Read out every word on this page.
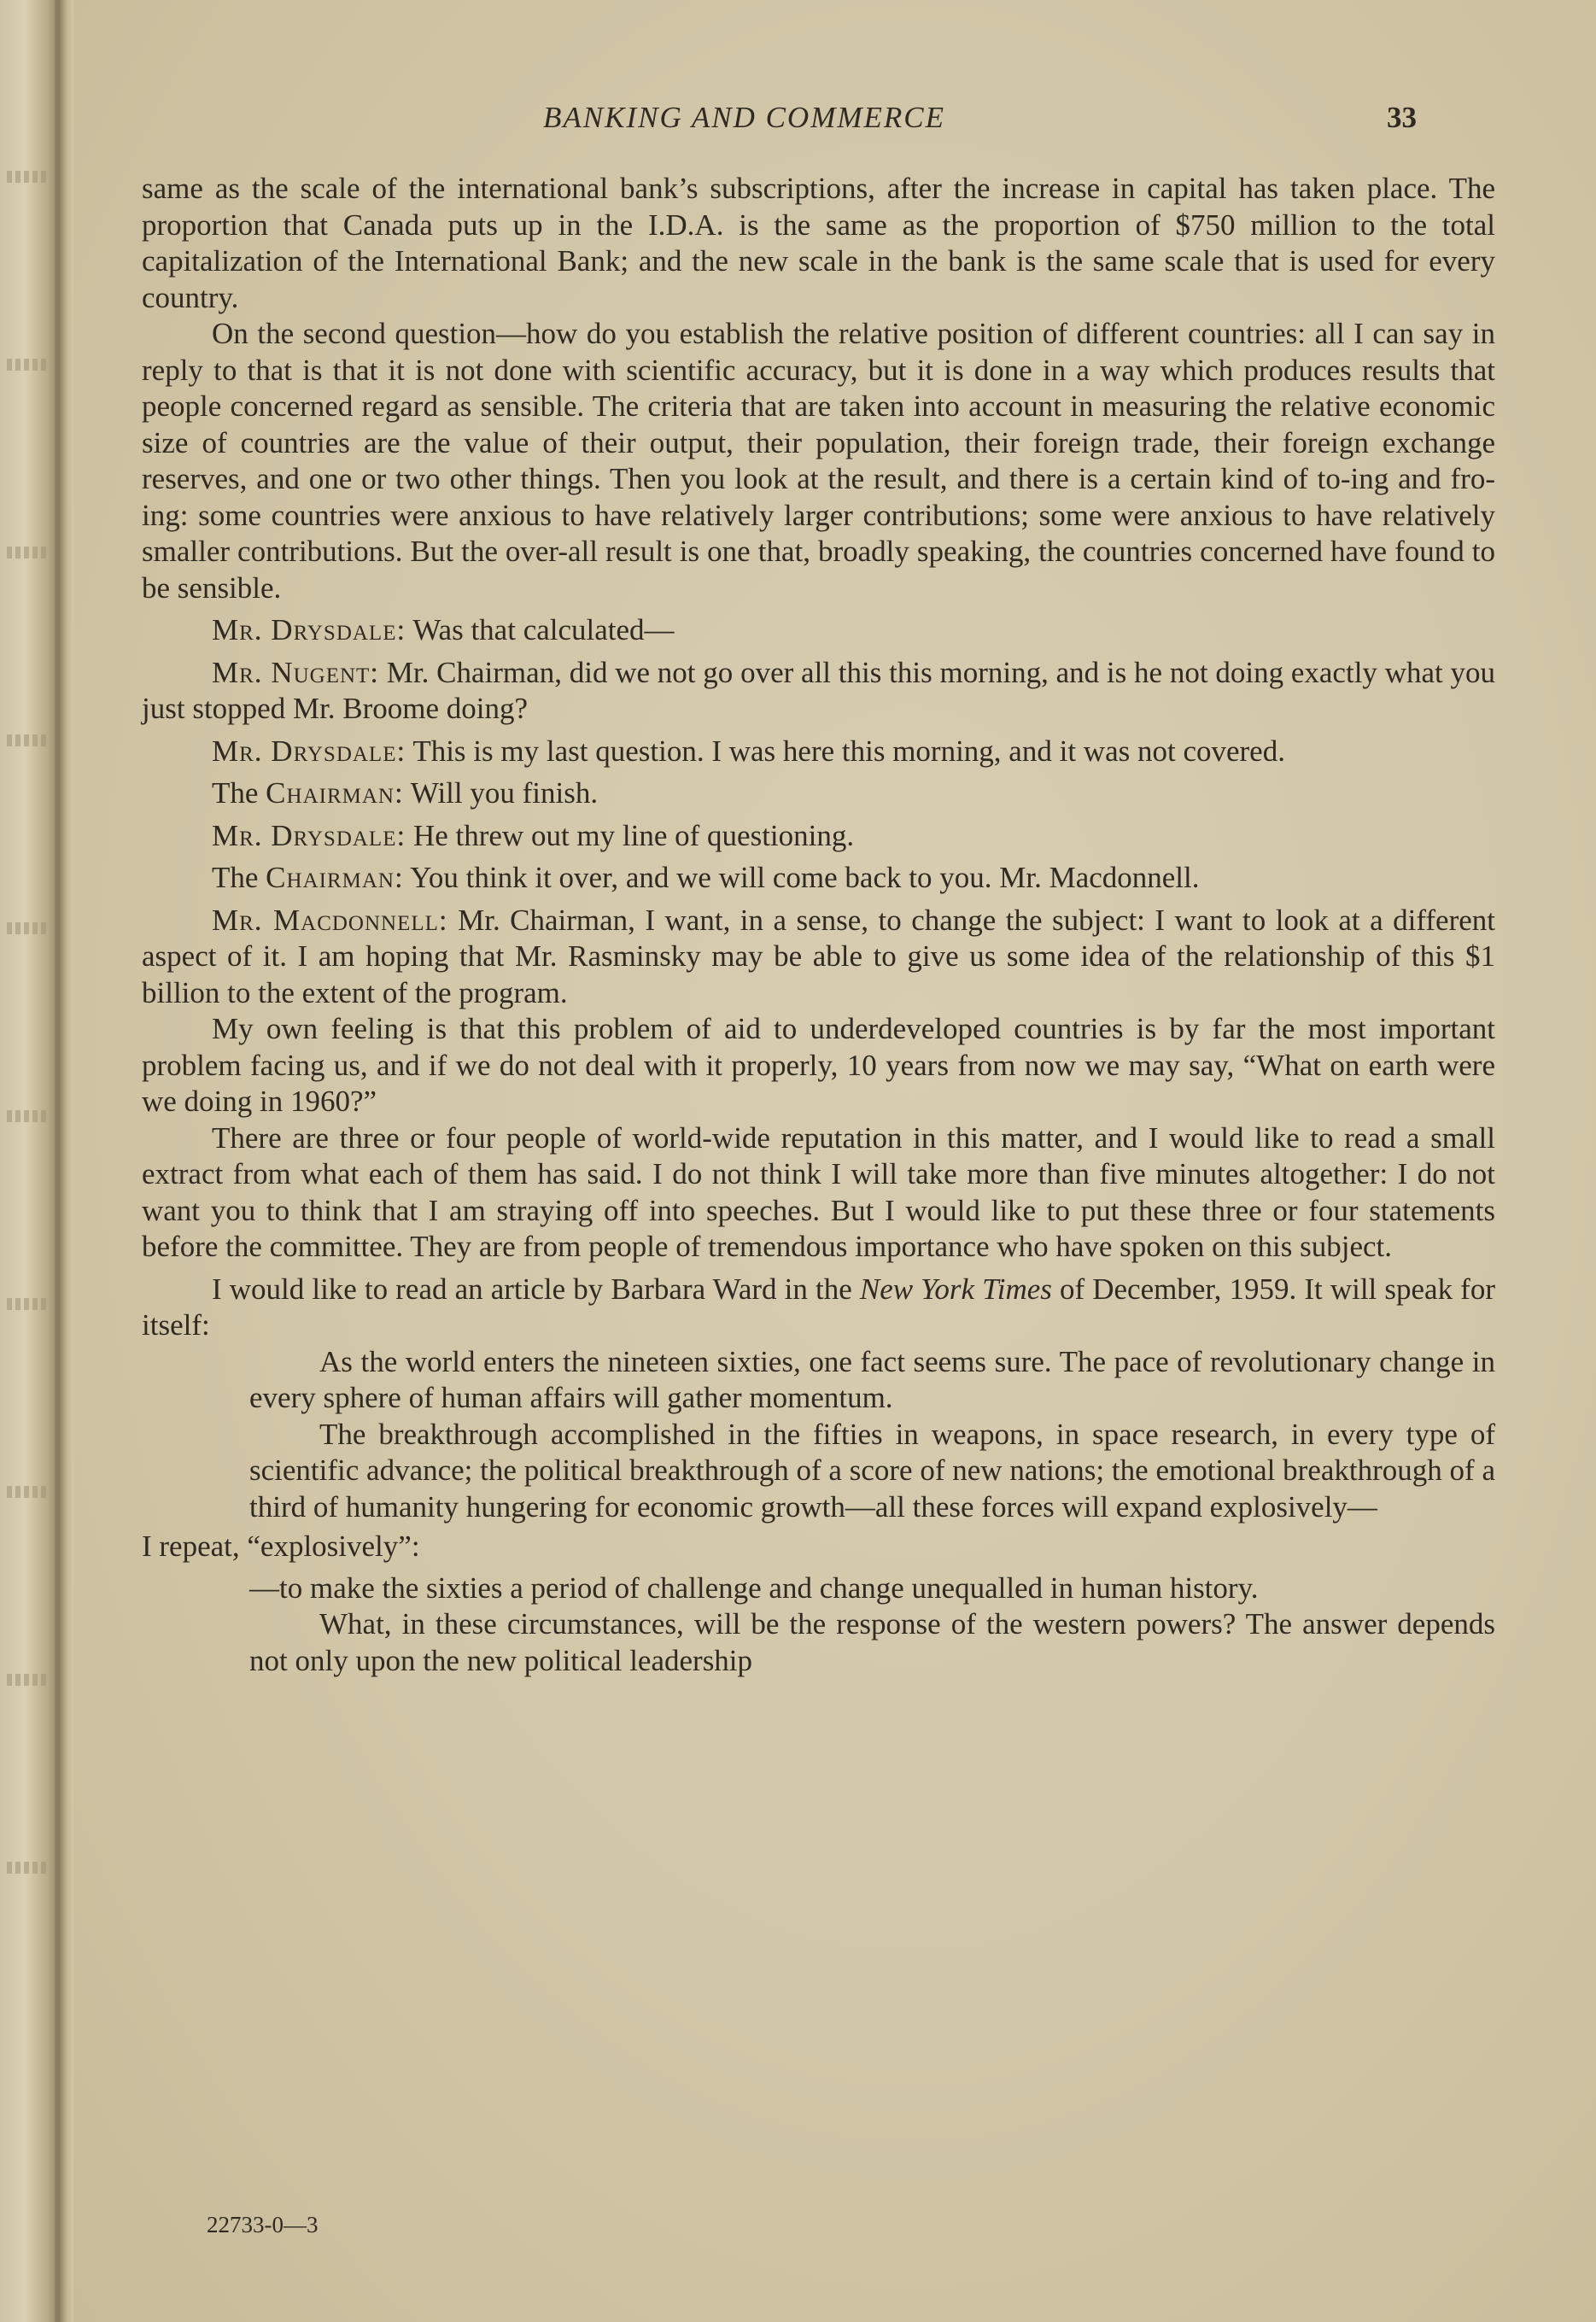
BANKING AND COMMERCE	33

same as the scale of the international bank’s subscriptions, after the increase in capital has taken place. The proportion that Canada puts up in the I.D.A. is the same as the proportion of $750 million to the total capitalization of the International Bank; and the new scale in the bank is the same scale that is used for every country.

On the second question—how do you establish the relative position of different countries: all I can say in reply to that is that it is not done with scientific accuracy, but it is done in a way which produces results that people concerned regard as sensible. The criteria that are taken into account in measuring the relative economic size of countries are the value of their output, their population, their foreign trade, their foreign exchange reserves, and one or two other things. Then you look at the result, and there is a certain kind of to-ing and fro-ing: some countries were anxious to have relatively larger contributions; some were anxious to have relatively smaller contributions. But the over-all result is one that, broadly speaking, the countries concerned have found to be sensible.

Mr. Drysdale: Was that calculated—

Mr. Nugent: Mr. Chairman, did we not go over all this this morning, and is he not doing exactly what you just stopped Mr. Broome doing?

Mr. Drysdale: This is my last question. I was here this morning, and it was not covered.

The Chairman: Will you finish.

Mr. Drysdale: He threw out my line of questioning.

The Chairman: You think it over, and we will come back to you. Mr. Macdonnell.

Mr. Macdonnell: Mr. Chairman, I want, in a sense, to change the subject: I want to look at a different aspect of it. I am hoping that Mr. Rasminsky may be able to give us some idea of the relationship of this $1 billion to the extent of the program.

My own feeling is that this problem of aid to underdeveloped countries is by far the most important problem facing us, and if we do not deal with it properly, 10 years from now we may say, “What on earth were we doing in 1960?”

There are three or four people of world-wide reputation in this matter, and I would like to read a small extract from what each of them has said. I do not think I will take more than five minutes altogether: I do not want you to think that I am straying off into speeches. But I would like to put these three or four statements before the committee. They are from people of tremendous importance who have spoken on this subject.

I would like to read an article by Barbara Ward in the New York Times of December, 1959. It will speak for itself:

As the world enters the nineteen sixties, one fact seems sure. The pace of revolutionary change in every sphere of human affairs will gather momentum.

The breakthrough accomplished in the fifties in weapons, in space research, in every type of scientific advance; the political breakthrough of a score of new nations; the emotional breakthrough of a third of humanity hungering for economic growth—all these forces will expand explosively—

I repeat, “explosively”:

—to make the sixties a period of challenge and change unequalled in human history.

What, in these circumstances, will be the response of the western powers? The answer depends not only upon the new political leadership

22733-0—3
